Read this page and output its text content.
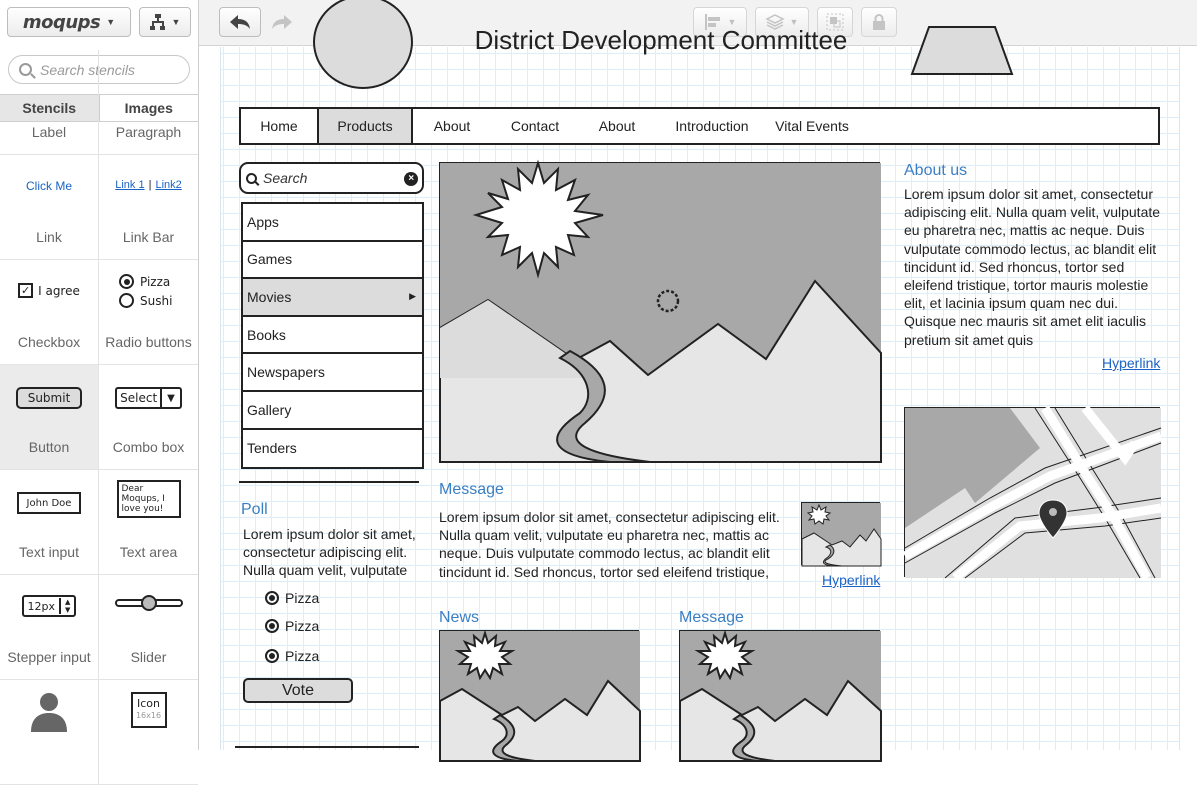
▼	▼
moqups ▼	▼
Search stencils
Stencils	Images
Label	Paragraph
Click Me
Link
Link 1 | Link2
Link Bar
✓ I agree
Checkbox
Pizza
Sushi
Radio buttons
Submit
Button
Select	▼
Combo box
John Doe
Text input
Dear Moqups, I love you!
Text area
12px	▲
▼
Stepper input	Slider
Icon
16x16
District Development Committee
Home	Products	About	Contact	About	Introduction	Vital Events
Search	×
Apps
Games
Movies	▶
Books
Newspapers
Gallery
Tenders
Poll
Lorem ipsum dolor sit amet, consectetur adipiscing elit. Nulla quam velit, vulputate
Pizza
Pizza
Pizza
Vote
About us
Lorem ipsum dolor sit amet, consectetur adipiscing elit. Nulla quam velit, vulputate eu pharetra nec, mattis ac neque. Duis vulputate commodo lectus, ac blandit elit tincidunt id. Sed rhoncus, tortor sed eleifend tristique, tortor mauris molestie elit, et lacinia ipsum quam nec dui. Quisque nec mauris sit amet elit iaculis pretium sit amet quis
Hyperlink
Message
Lorem ipsum dolor sit amet, consectetur adipiscing elit. Nulla quam velit, vulputate eu pharetra nec, mattis ac neque. Duis vulputate commodo lectus, ac blandit elit tincidunt id. Sed rhoncus, tortor sed eleifend tristique,
Hyperlink
News	Message
